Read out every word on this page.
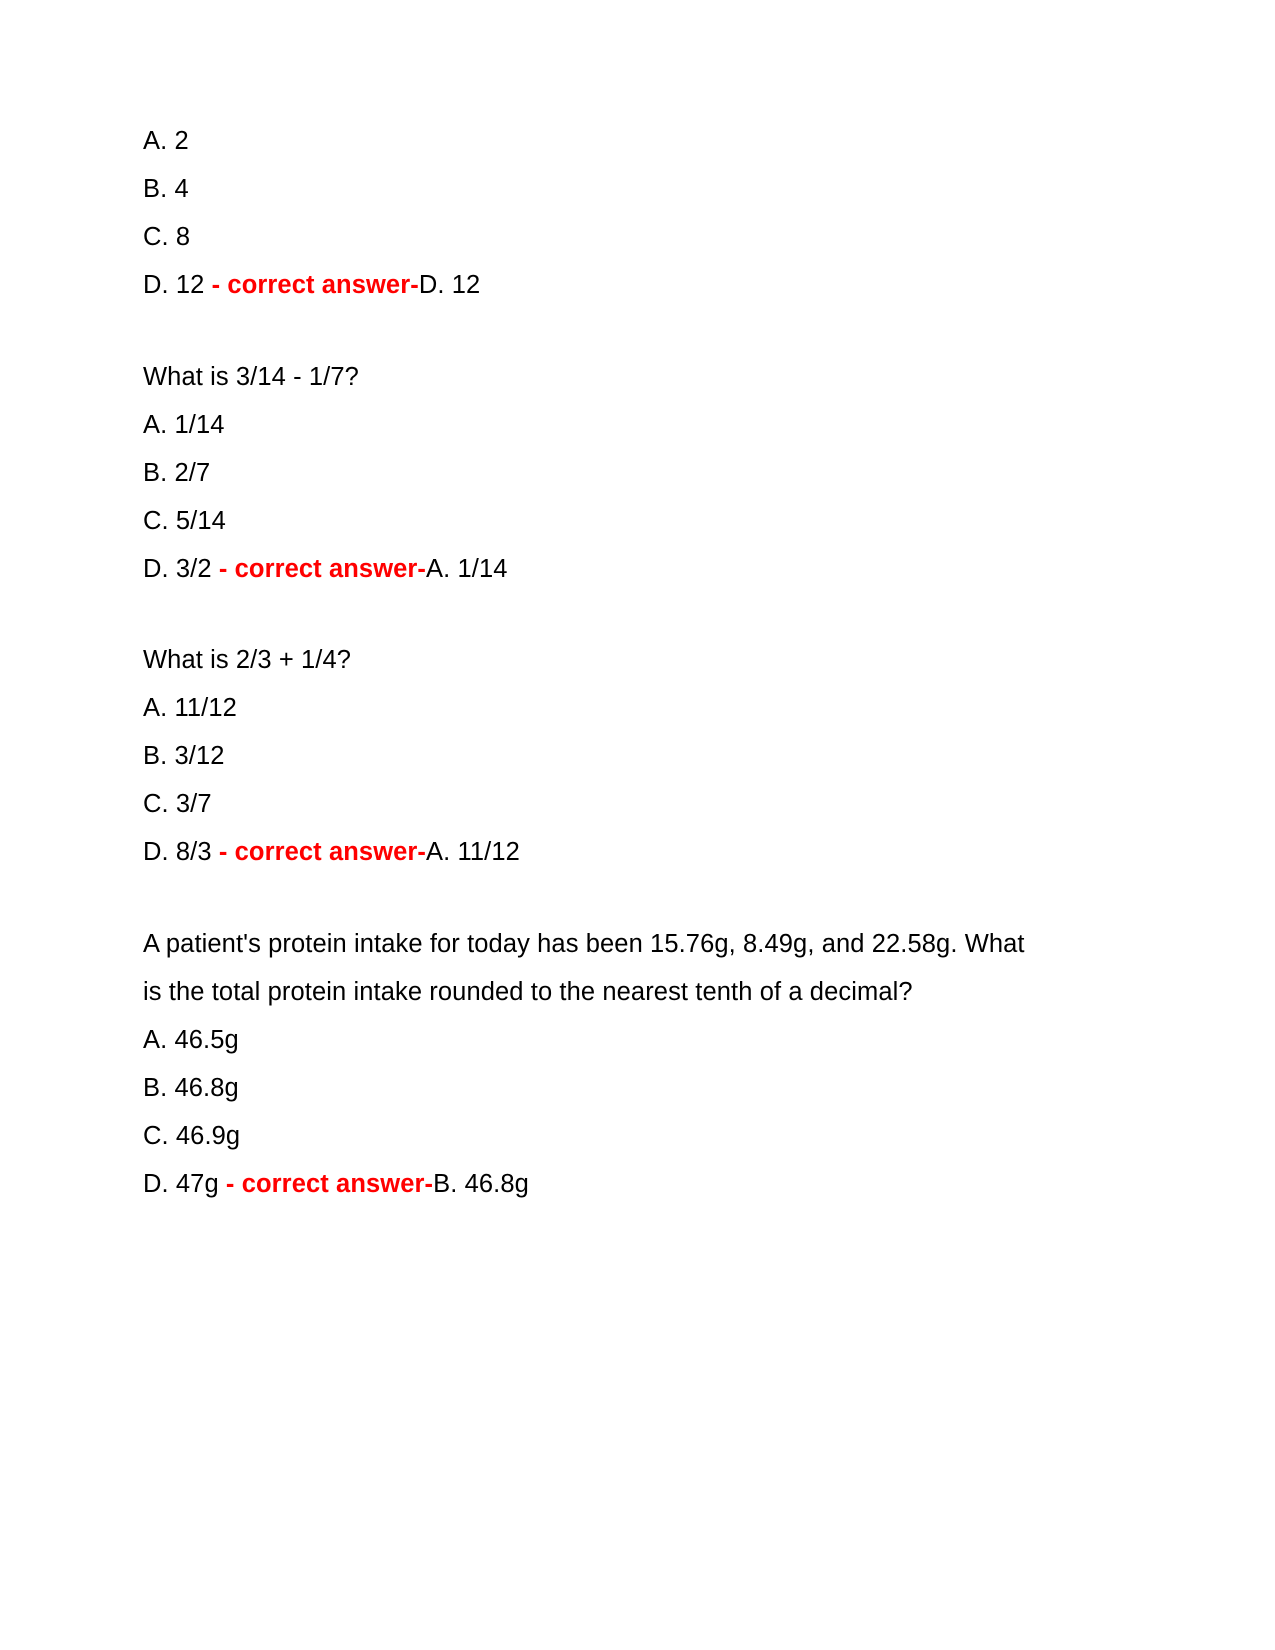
A. 2

B. 4

C. 8

D. 12 - correct answer-D. 12

What is 3/14 - 1/7?

A. 1/14

B. 2/7

C. 5/14

D. 3/2 - correct answer-A. 1/14

What is 2/3 + 1/4?

A. 11/12

B. 3/12

C. 3/7

D. 8/3 - correct answer-A. 11/12

A patient's protein intake for today has been 15.76g, 8.49g, and 22.58g. What is the total protein intake rounded to the nearest tenth of a decimal?

A. 46.5g

B. 46.8g

C. 46.9g

D. 47g - correct answer-B. 46.8g
